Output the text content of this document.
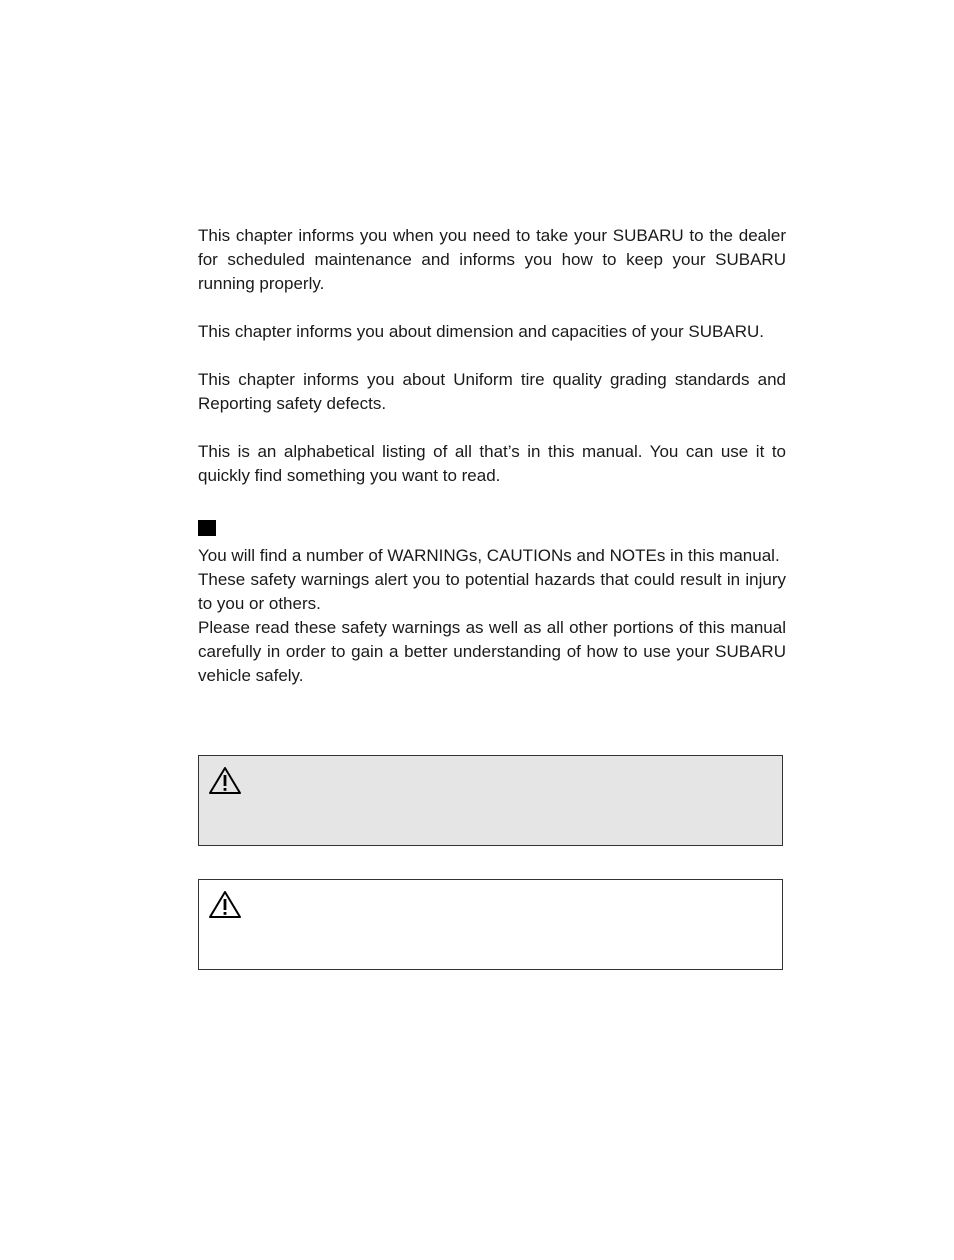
This chapter informs you when you need to take your SUBARU to the dealer for scheduled maintenance and informs you how to keep your SUBARU running properly.

This chapter informs you about dimension and capacities of your SUBARU.

This chapter informs you about Uniform tire quality grading standards and Reporting safety defects.

This is an alphabetical listing of all that’s in this manual. You can use it to quickly find something you want to read.

You will find a number of WARNINGs, CAUTIONs and NOTEs in this manual.

These safety warnings alert you to potential hazards that could result in injury to you or others.

Please read these safety warnings as well as all other portions of this manual carefully in order to gain a better understanding of how to use your SUBARU vehicle safely.
